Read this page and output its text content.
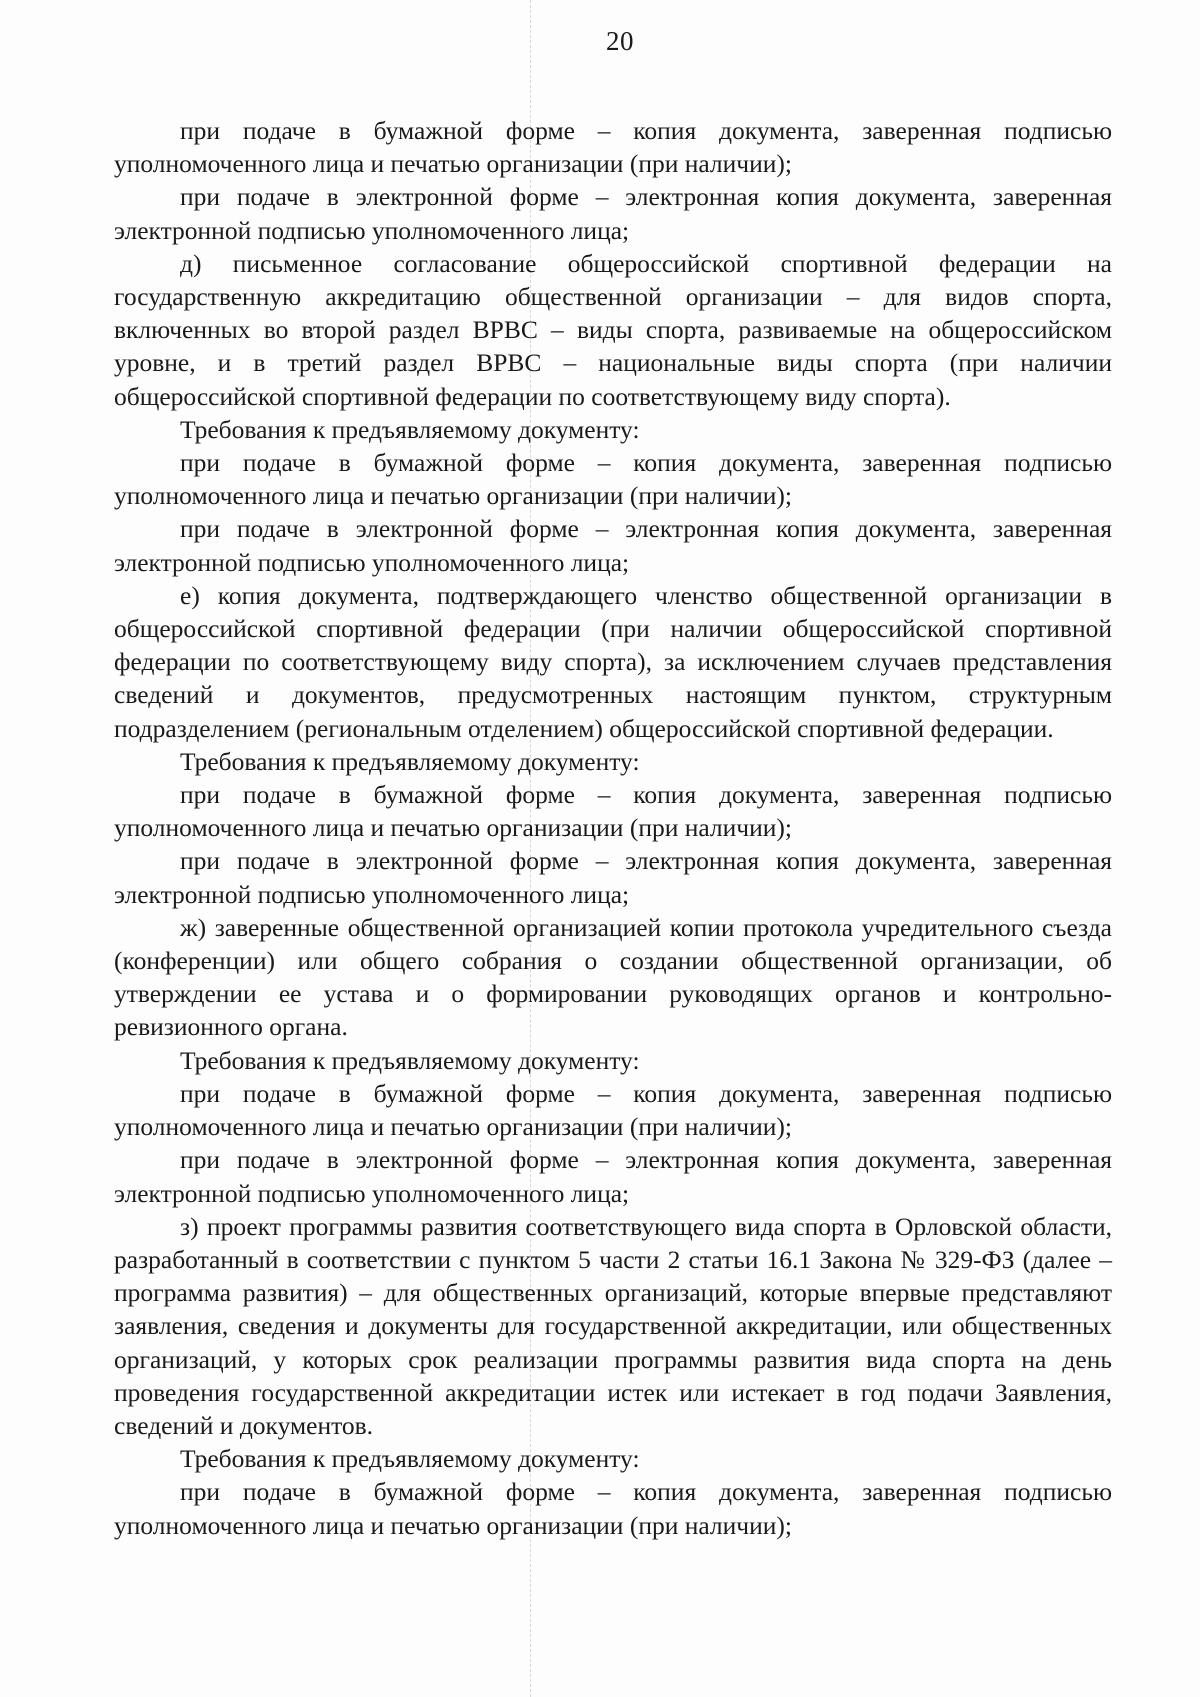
20

при подаче в бумажной форме – копия документа, заверенная подписью уполномоченного лица и печатью организации (при наличии);

при подаче в электронной форме – электронная копия документа, заверенная электронной подписью уполномоченного лица;

д) письменное согласование общероссийской спортивной федерации на государственную аккредитацию общественной организации – для видов спорта, включенных во второй раздел ВРВС – виды спорта, развиваемые на общероссийском уровне, и в третий раздел ВРВС – национальные виды спорта (при наличии общероссийской спортивной федерации по соответствующему виду спорта).

Требования к предъявляемому документу:

при подаче в бумажной форме – копия документа, заверенная подписью уполномоченного лица и печатью организации (при наличии);

при подаче в электронной форме – электронная копия документа, заверенная электронной подписью уполномоченного лица;

е) копия документа, подтверждающего членство общественной организации в общероссийской спортивной федерации (при наличии общероссийской спортивной федерации по соответствующему виду спорта), за исключением случаев представления сведений и документов, предусмотренных настоящим пунктом, структурным подразделением (региональным отделением) общероссийской спортивной федерации.

Требования к предъявляемому документу:

при подаче в бумажной форме – копия документа, заверенная подписью уполномоченного лица и печатью организации (при наличии);

при подаче в электронной форме – электронная копия документа, заверенная электронной подписью уполномоченного лица;

ж) заверенные общественной организацией копии протокола учредительного съезда (конференции) или общего собрания о создании общественной организации, об утверждении ее устава и о формировании руководящих органов и контрольно-ревизионного органа.

Требования к предъявляемому документу:

при подаче в бумажной форме – копия документа, заверенная подписью уполномоченного лица и печатью организации (при наличии);

при подаче в электронной форме – электронная копия документа, заверенная электронной подписью уполномоченного лица;

з) проект программы развития соответствующего вида спорта в Орловской области, разработанный в соответствии с пунктом 5 части 2 статьи 16.1 Закона № 329-ФЗ (далее – программа развития) – для общественных организаций, которые впервые представляют заявления, сведения и документы для государственной аккредитации, или общественных организаций, у которых срок реализации программы развития вида спорта на день проведения государственной аккредитации истек или истекает в год подачи Заявления, сведений и документов.

Требования к предъявляемому документу:

при подаче в бумажной форме – копия документа, заверенная подписью уполномоченного лица и печатью организации (при наличии);
